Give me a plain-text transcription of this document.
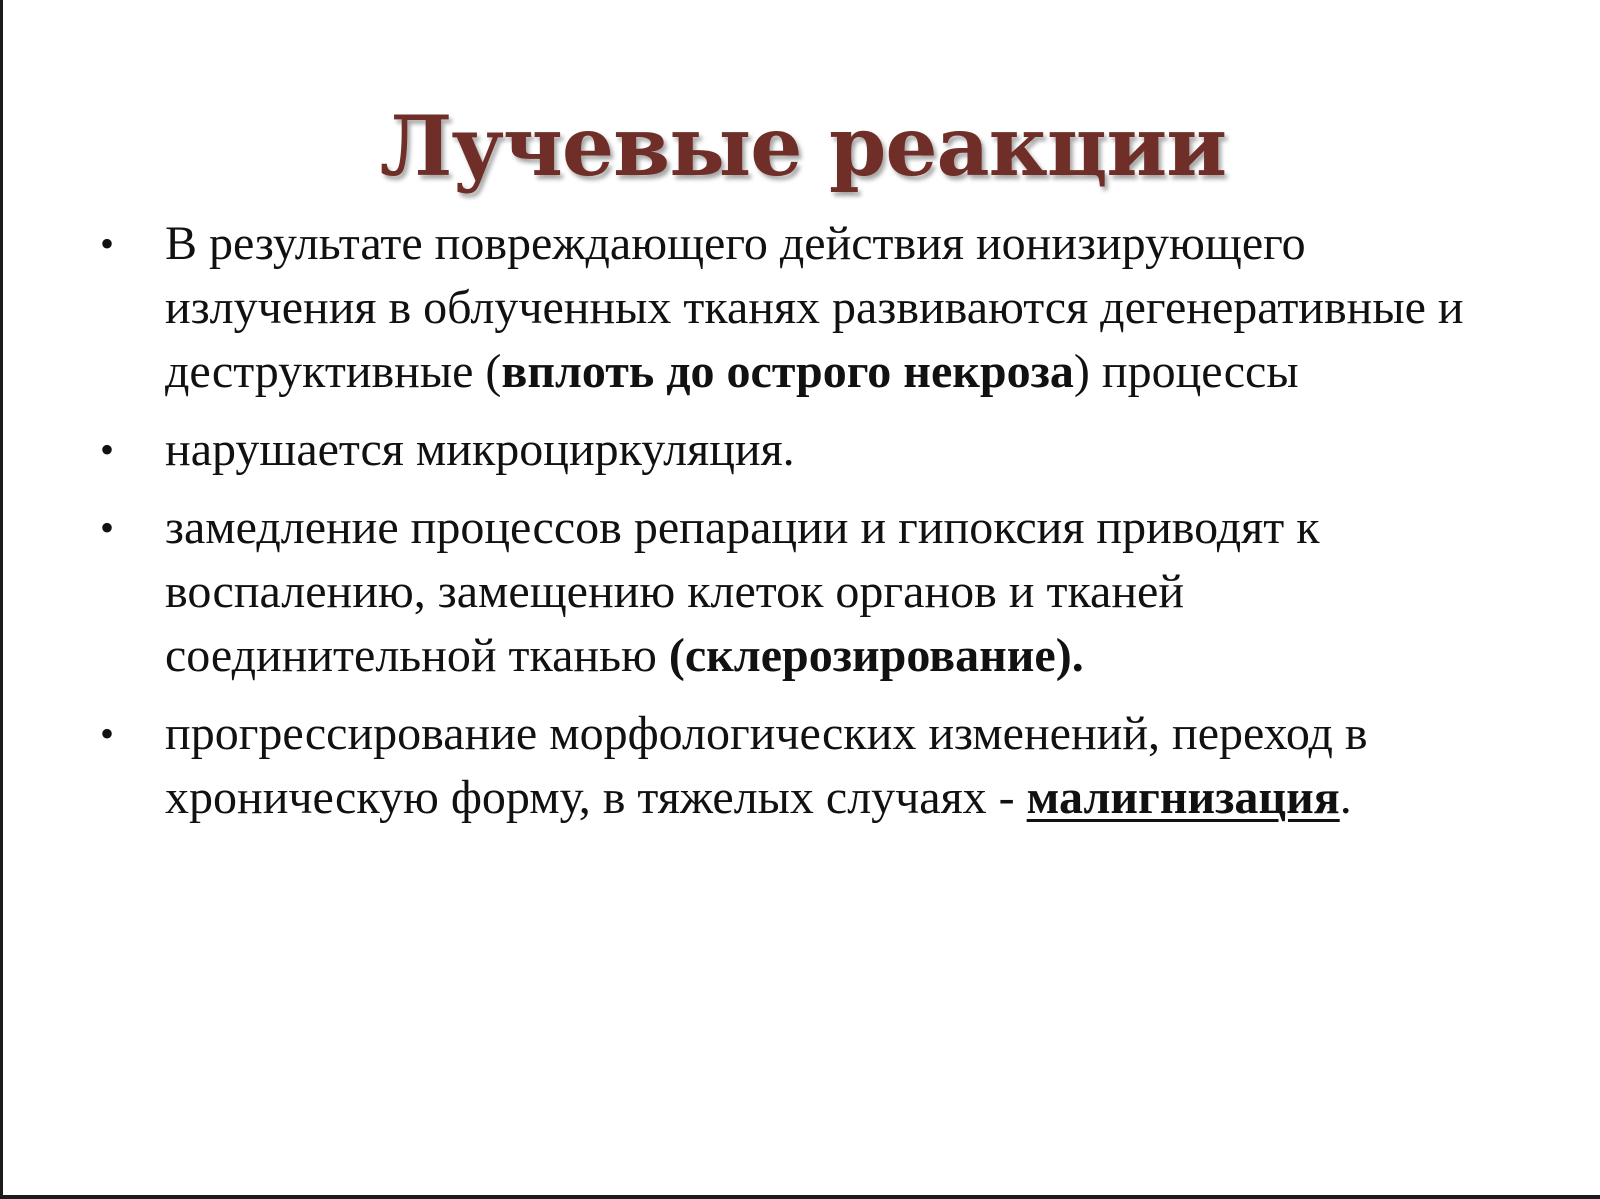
Лучевые реакции
• В результате повреждающего действия ионизирующего излучения в облученных тканях развиваются дегенеративные и деструктивные (вплоть до острого некроза) процессы
• нарушается микроциркуляция.
• замедление процессов репарации и гипоксия приводят к воспалению, замещению клеток органов и тканей соединительной тканью (склерозирование).
• прогрессирование морфологических изменений, переход в хроническую форму, в тяжелых случаях - малигнизация.
